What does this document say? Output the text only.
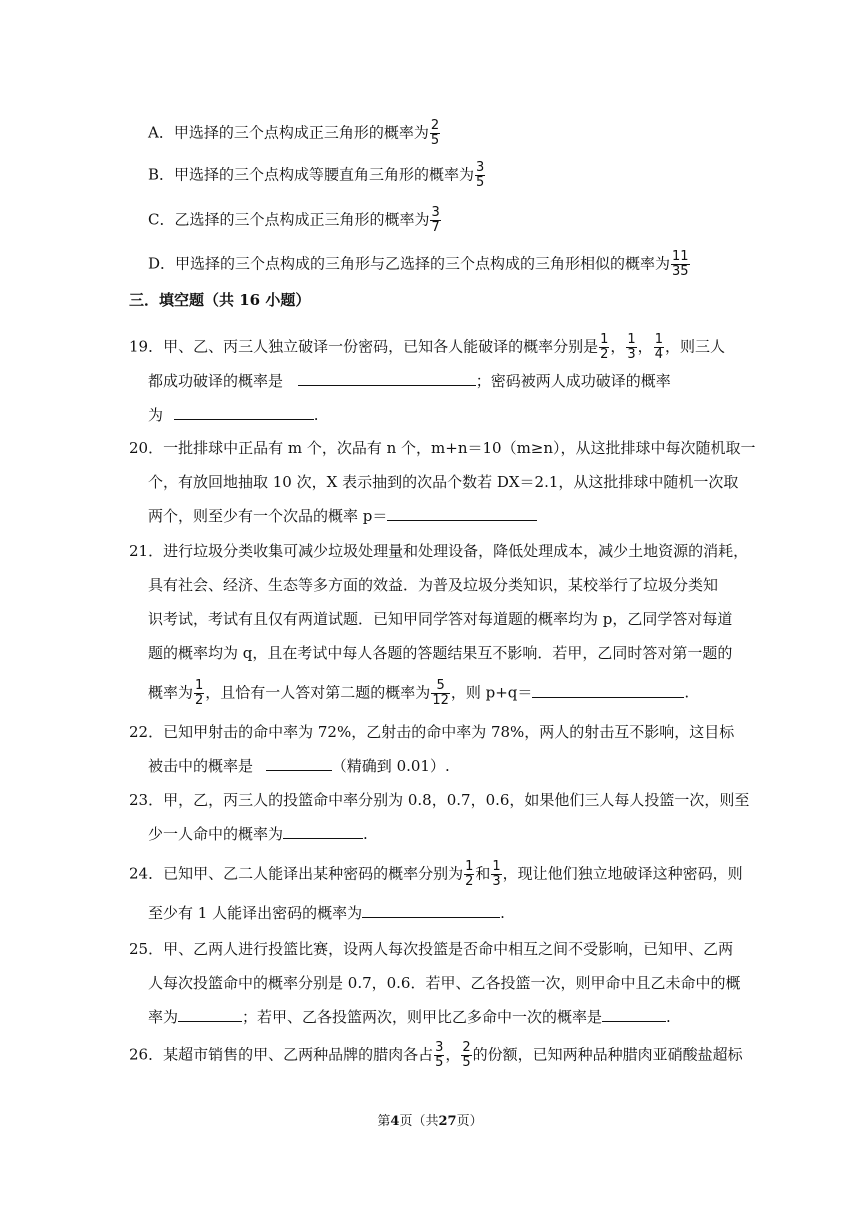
A．甲选择的三个点构成正三角形的概率为 $\frac{2}{5}$
B．甲选择的三个点构成等腰直角三角形的概率为 $\frac{3}{5}$
C．乙选择的三个点构成正三角形的概率为 $\frac{3}{7}$
D．甲选择的三个点构成的三角形与乙选择的三个点构成的三角形相似的概率为 $\frac{11}{35}$
三．填空题（共 16 小题）
19．甲、乙、丙三人独立破译一份密码，已知各人能破译的概率分别是 $\frac{1}{2}$ ， $\frac{1}{3}$ ， $\frac{1}{4}$ ，则三人
都成功破译的概率是	；密码被两人成功破译的概率
为	.
20．一批排球中正品有 m 个，次品有 n 个，m+n＝10（m≥n），从这批排球中每次随机取一
个，有放回地抽取 10 次，X 表示抽到的次品个数若 DX＝2.1，从这批排球中随机一次取
两个，则至少有一个次品的概率 p＝
21．进行垃圾分类收集可减少垃圾处理量和处理设备，降低处理成本，减少土地资源的消耗，
具有社会、经济、生态等多方面的效益．为普及垃圾分类知识，某校举行了垃圾分类知
识考试，考试有且仅有两道试题．已知甲同学答对每道题的概率均为 p，乙同学答对每道
题的概率均为 q，且在考试中每人各题的答题结果互不影响．若甲，乙同时答对第一题的
概率为 $\frac{1}{2}$ ，且恰有一人答对第二题的概率为 $\frac{5}{12}$ ，则 p+q＝	.
22．已知甲射击的命中率为 72%，乙射击的命中率为 78%，两人的射击互不影响，这目标
被击中的概率是	（精确到 0.01）.
23．甲，乙，丙三人的投篮命中率分别为 0.8，0.7，0.6，如果他们三人每人投篮一次，则至
少一人命中的概率为	.
24．已知甲、乙二人能译出某种密码的概率分别为 $\frac{1}{2}$ 和 $\frac{1}{3}$ ，现让他们独立地破译这种密码，则
至少有 1 人能译出密码的概率为	.
25．甲、乙两人进行投篮比赛，设两人每次投篮是否命中相互之间不受影响，已知甲、乙两
人每次投篮命中的概率分别是 0.7，0.6．若甲、乙各投篮一次，则甲命中且乙未命中的概
率为	；若甲、乙各投篮两次，则甲比乙多命中一次的概率是	.
26．某超市销售的甲、乙两种品牌的腊肉各占 $\frac{3}{5}$ ， $\frac{2}{5}$ 的份额，已知两种品种腊肉亚硝酸盐超标
第4页（共27页）
